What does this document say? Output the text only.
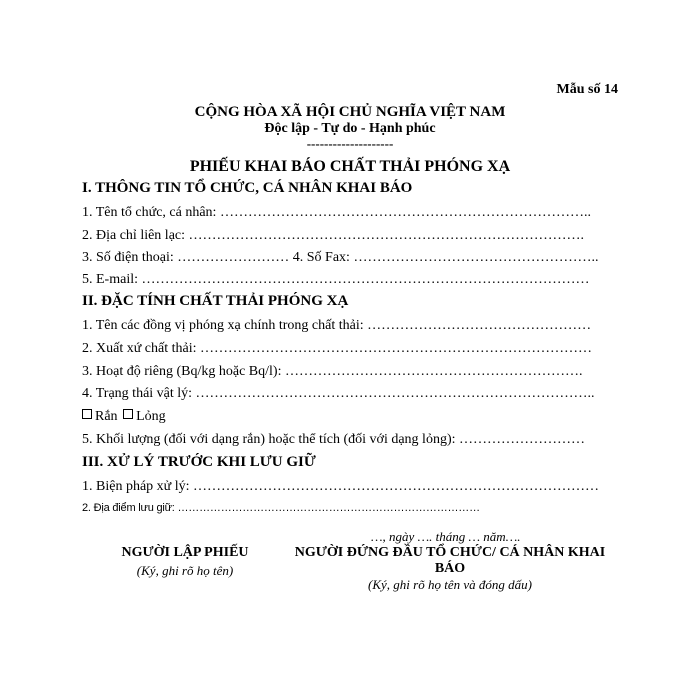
Mẫu số 14
CỘNG HÒA XÃ HỘI CHỦ NGHĨA VIỆT NAM
Độc lập - Tự do - Hạnh phúc
--------------------
PHIẾU KHAI BÁO CHẤT THẢI PHÓNG XẠ
I. THÔNG TIN TỔ CHỨC, CÁ NHÂN KHAI BÁO
1. Tên tổ chức, cá nhân: ……………………………………………………………………..
2. Địa chỉ liên lạc: ………………………………………………………………………….
3. Số điện thoại: …………………… 4. Số Fax: ……………………………………………..
5. E-mail: ……………………………………………………………………………………
II. ĐẶC TÍNH CHẤT THẢI PHÓNG XẠ
1. Tên các đồng vị phóng xạ chính trong chất thải: …………………………………………
2. Xuất xứ chất thải: …………………………………………………………………………
3. Hoạt độ riêng (Bq/kg hoặc Bq/l): ……………………………………………………….
4. Trạng thái vật lý: …………………………………………………………………………..
Rắn Lỏng
5. Khối lượng (đối với dạng rắn) hoặc thể tích (đối với dạng lỏng): ………………………
III. XỬ LÝ TRƯỚC KHI LƯU GIỮ
1. Biện pháp xử lý: ……………………………………………………………………………
2. Địa điểm lưu giữ: …………………………………………………………………………
…, ngày …. tháng … năm….
NGƯỜI LẬP PHIẾU
(Ký, ghi rõ họ tên)
NGƯỜI ĐỨNG ĐẦU TỔ CHỨC/ CÁ NHÂN KHAI
BÁO
(Ký, ghi rõ họ tên và đóng dấu)
